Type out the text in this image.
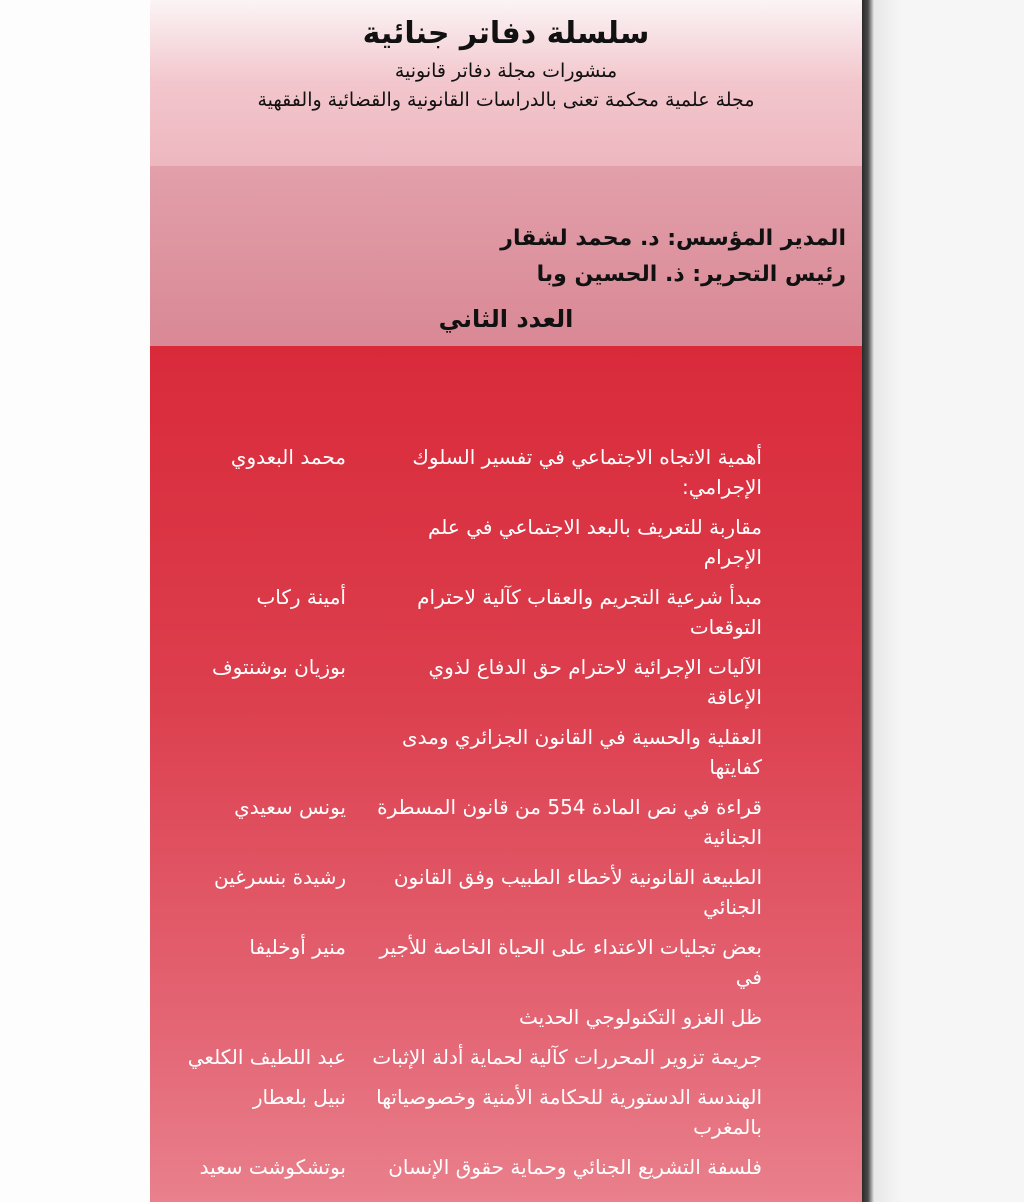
سلسلة دفاتر جنائية
منشورات مجلة دفاتر قانونية
مجلة علمية محكمة تعنى بالدراسات القانونية والقضائية والفقهية
المدير المؤسس: د. محمد لشقار
رئيس التحرير: ذ. الحسين وبا
العدد الثاني
أهمية الاتجاه الاجتماعي في تفسير السلوك الإجرامي:
محمد البعدوي
مقاربة للتعريف بالبعد الاجتماعي في علم الإجرام
مبدأ شرعية التجريم والعقاب كآلية لاحترام التوقعات
أمينة ركاب
الآليات الإجرائية لاحترام حق الدفاع لذوي الإعاقة
بوزيان بوشنتوف
العقلية والحسية في القانون الجزائري ومدى كفايتها
قراءة في نص المادة 554 من قانون المسطرة الجنائية
يونس سعيدي
الطبيعة القانونية لأخطاء الطبيب وفق القانون الجنائي
رشيدة بنسرغين
بعض تجليات الاعتداء على الحياة الخاصة للأجير في
منير أوخليفا
ظل الغزو التكنولوجي الحديث
جريمة تزوير المحررات كآلية لحماية أدلة الإثبات
عبد اللطيف الكلعي
الهندسة الدستورية للحكامة الأمنية وخصوصياتها بالمغرب
نبيل بلعطار
فلسفة التشريع الجنائي وحماية حقوق الإنسان
بوتشكوشت سعيد
